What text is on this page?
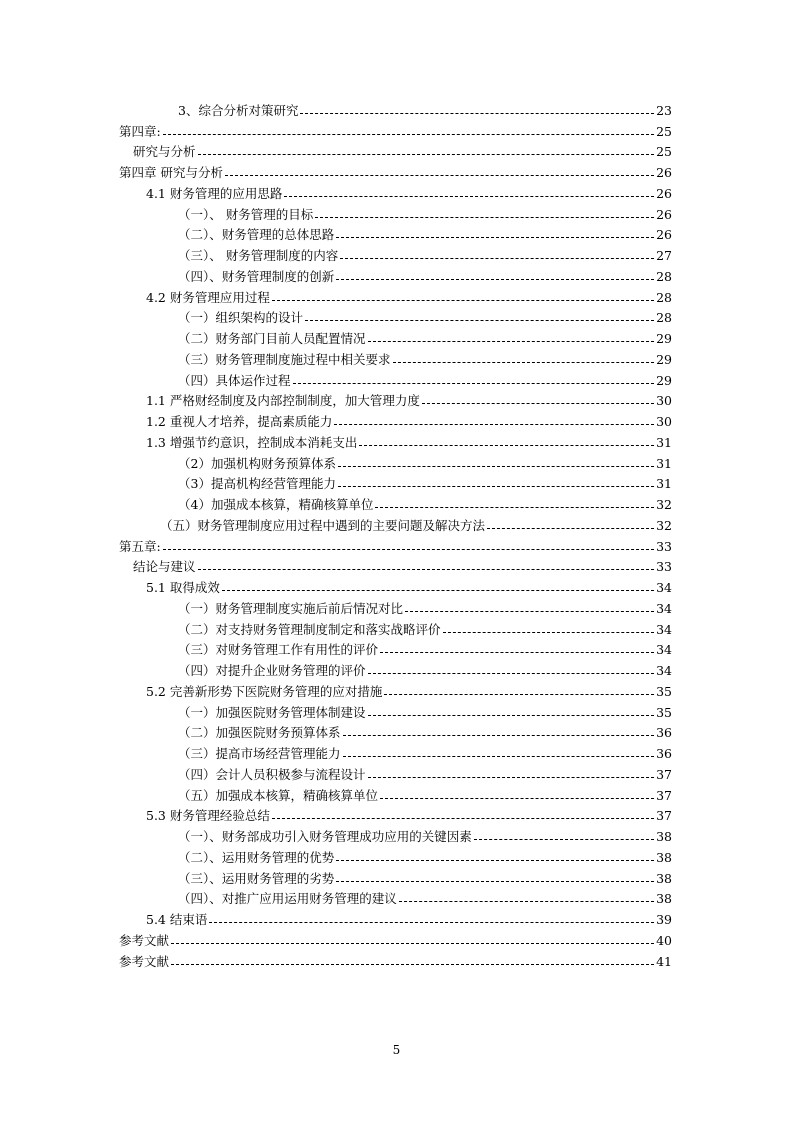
3、综合分析对策研究	23
第四章:	25
研究与分析	25
第四章 研究与分析	26
4.1 财务管理的应用思路	26
（一）、 财务管理的目标	26
（二）、财务管理的总体思路	26
（三）、 财务管理制度的内容	27
（四）、财务管理制度的创新	28
4.2 财务管理应用过程	28
（一）组织架构的设计	28
（二）财务部门目前人员配置情况	29
（三）财务管理制度施过程中相关要求	29
（四）具体运作过程	29
1.1 严格财经制度及内部控制制度，加大管理力度	30
1.2 重视人才培养，提高素质能力	30
1.3 增强节约意识，控制成本消耗支出	31
（2）加强机构财务预算体系	31
（3）提高机构经营管理能力	31
（4）加强成本核算，精确核算单位	32
（五）财务管理制度应用过程中遇到的主要问题及解决方法	32
第五章:	33
结论与建议	33
5.1 取得成效	34
（一）财务管理制度实施后前后情况对比	34
（二）对支持财务管理制度制定和落实战略评价	34
（三）对财务管理工作有用性的评价	34
（四）对提升企业财务管理的评价	34
5.2 完善新形势下医院财务管理的应对措施	35
（一）加强医院财务管理体制建设	35
（二）加强医院财务预算体系	36
（三）提高市场经营管理能力	36
（四）会计人员积极参与流程设计	37
（五）加强成本核算，精确核算单位	37
5.3 财务管理经验总结	37
（一）、财务部成功引入财务管理成功应用的关键因素	38
（二）、运用财务管理的优势	38
（三）、运用财务管理的劣势	38
（四）、对推广应用运用财务管理的建议	38
5.4 结束语	39
参考文献	40
参考文献	41
5
